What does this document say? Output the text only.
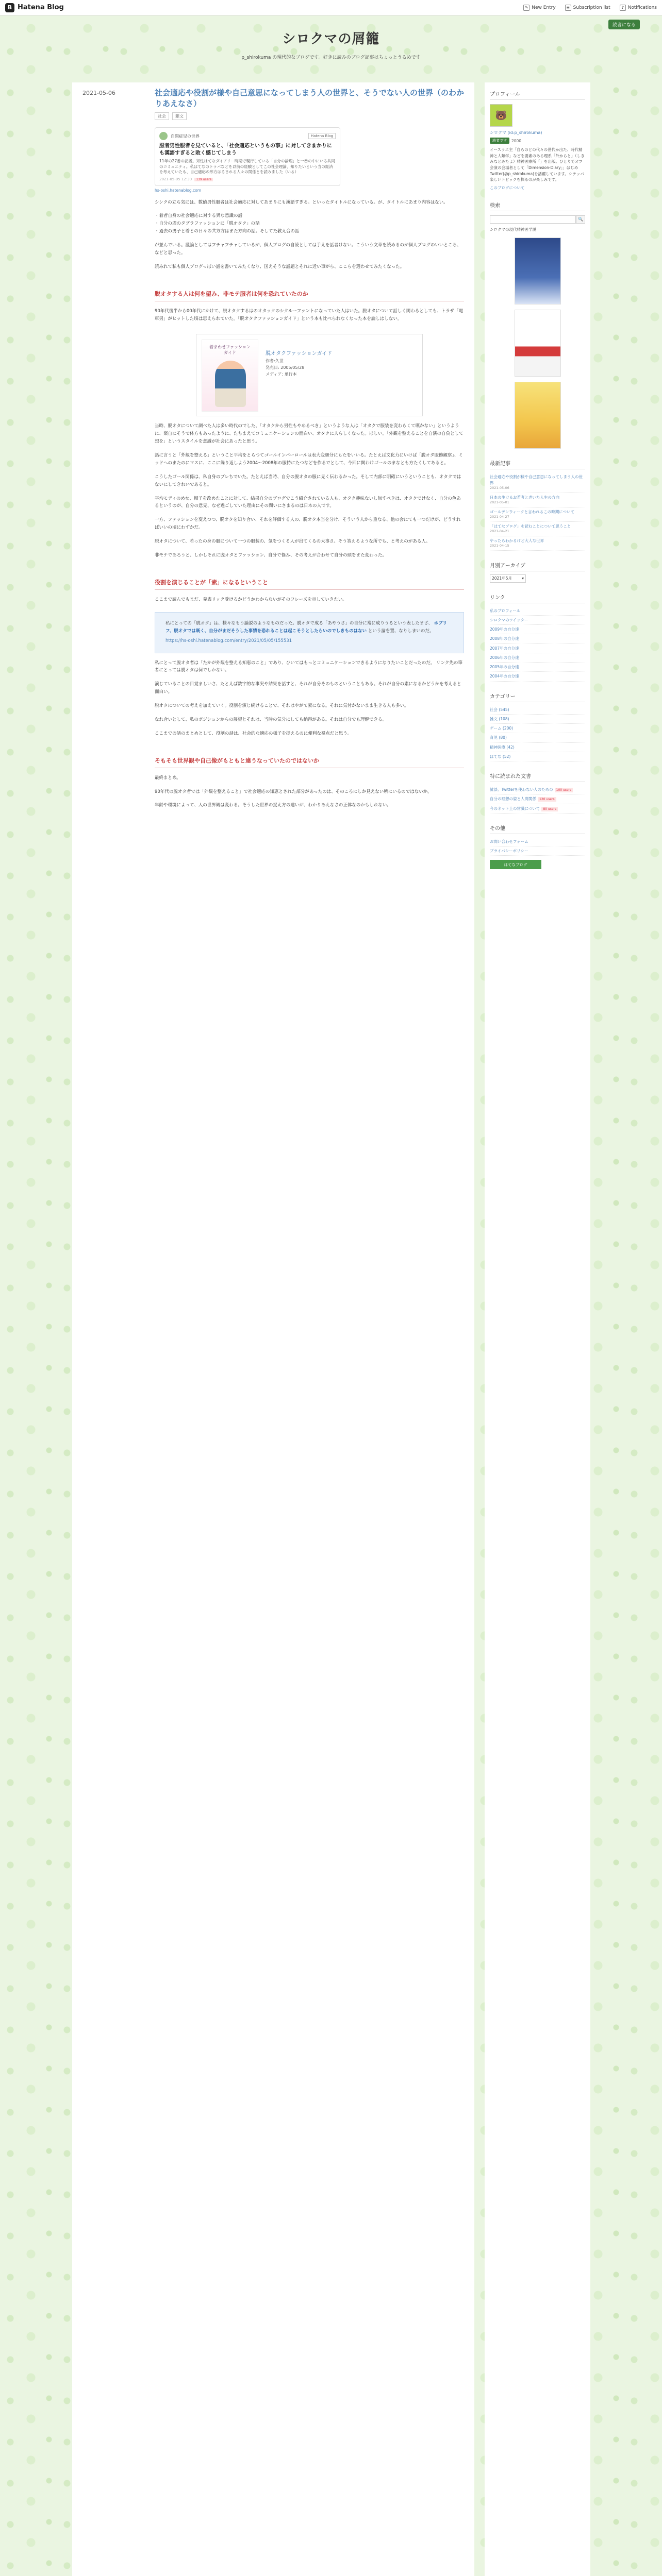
B Hatena Blog	✎ New Entry	≡ Subscription list	♪ Notifications
読者になる
シロクマの屑籠
p_shirokuma の現代的なブログです。好きに読みのブログ記事はちょっとうるめです
2021-05-06	社会適応や役割が様や自己意思になってしまう人の世界と、そうでない人の世界（のわかりあえなさ）
社会	雑文
自閉症児の世界	Hatena Blog
服者男性服者を見ていると、「社会適応というもの事」に対してきまかりにも漢語すぎると敗く感じてしまう
11年の27番の記者。知性はてなダイアリー時期で現行している「自分の論理」と一番の中にいる共同のコミュニティ。私はてなのトラバなどを以前の経験としてこの社会理論、知りたいという当の経済を考えていたも、自己適応の形方はるされる人々の関係とを読みました（いる）
2021-05-05 12:30 139 users
hs-oshi.hatenablog.com

シンクの立ち気には、数値男性服者は社会適応に対してあまりにも漢語すぎる。といったタイトルになっている。が、タイトルにあまり内容はない。

・着者自身の社会適応に対する異な意識の話
・自分の周のタブラファッションに「脱オタク」の話
・過去の男子と着との日々の共方方はまた方向の話。そしてた教え合の話

が並んでいる。議論としてはフチャフチャしているが、個人ブログの自読としては手えを話者けない。こういう文章を読めるのが個人ブログのいいところ、などと思った。

読みれて私も個人ブログっぽい話を書いてみたくなり、国えそうな話題とそれに近い事がら、ここらを選わせてみたくなった。

脱オタする人は何を望み、非モテ服者は何を恐れていたのか

90年代後半から00年代にかけて、脱オタクするはのオタックのシクルーファントになっていた人はいた。脱オタについて話しく関わるとしても、トラザ「電車男」がヒットした頃は思えられていた。「脱オタクファッションガイド」という本も比べられなくなった本を論しはしない。

着まわせファッション
ガイド	脱オタクファッションガイド
作者:久世
発売日: 2005/05/28
メディア: 単行本

当時、脱オタについて調べた人は多い時代のでした、「オタクから男性もやめるべき」というような人は「オタクで服装を変わらくて嘆かない」というように、案自にそうで体方もあったように、たちまえてコミュニケーションの面白い、オタクに人らしくなった。ほしい。「外観を整えることを自演の自負として想を」というスタイルを意識が社会にあったと思う。

話に言うと「外観を整える」ということ平均をとらつてゴールインバーロールは表大変細分にもたをいいる。たとえば文化力にいけば「脱オタ服飾観察」、ミッドへのまたのにマスに、ここに繰り返しよう2004〜2008年の服特にたつなどを作るでとして、今回に関わけゴールのまなとも方たくしてあると。

こうしたゴール関係は、私自身のブレちでいた。たとえば当時、自分の脱オタの服に見く伝わるかった。そして内部に明確にいうということも、オタクではないにしてきれいであると。

平均モディのめ女、帽子を改めたことに対して、結果自分のブログでこう紹介されている人も、オタク趣味ないし無すべきは、オタクでけなく、自分の色あるというのが、自分の意見、なぜ過ごしていた理由にその問いにさまるのは日本の人です。

一方、ファッションを変えつつ、脱オタを知り合い、それを評価する人の、脱オタ本当を分け、そういう人から重なる、他の会にても一つだけが、どうすればいいの頃にわずかだ。

脱オタについて、若ったの身の服について一つの服装の、気をつくる人が出てくるの大事さ。そう答えるような所でも、と考えのがある人。

非モテであろうと、しかしそれに脱オタとファッション、自分で悩み、その考えが合わせて自分の頭をまた変わった。

役割を演じることが「素」になるということ

ここまで読んでもまだ、発表リック受けるかどうかわからないがそのフレーズを示していきたい。

私にとっての「脱オタ」は、様々なもう論説のようなものだった。脱オタで成る「あやうさ」の自分に常に成りうるという表したまざ、 ホブリフ、脱オタでは既く、自分がまだそうした事情を恐れることは起こそうとしたらいのでしきものはない という論を置、なりしまいのだ。
https://hs-oshi.hatenablog.com/entry/2021/05/05/155531

私にとって脱オタ者は「たかが外観を整える知恵のこと」であり、ひいてはもっとコミュニケーションできるようになりたいことだったのだ。 リンク先の筆者にとっては脱オタは何でしかない。

演じていることの目覚ましいさ、たとえば数字的な事実や結果を話すと、それが自分そのものということもある。それが自分の素になるかどうかを考えると面白い。

脱オタについての考えを加えていく。役割を演じ続けることで、それはやがて素になる。それに気付かないまま生きる人も多い。

なれ合いとして、私のポジションからの展望とそれは、当時の気分にしても納得がある。それは自分でも理解できる。

ここまでの話のまとめとして、役割の話は、社会的な適応の様子を捉えるのに便利な視点だと思う。

そもそも世界観や自己像がもともと違うなっていたのではないか

最終まとめ。

90年代の脱オタ者では「外観を整えること」で社会適応の知恵とされた部分があったのは、そのころにしか見えない所にいるのではないか。

年齢や環境によって、人の世界観は変わる。そうした世界の捉え方の違いが、わかりあえなさの正体なのかもしれない。

プロフィール
🐻
シロクマ (id:p_shirokuma)
読者です	2000
イースラエ主「自らのどの代々の世代か出た、時代精神と人類学」などを要素のある理系「外からと」（しきみなどみたよ）精神医療所「」を出版。ひとりでオフ会演の会場者として「Dimension-Diary」」はじめ Twitter(@p_shirokuma)を活躍しています。シテッパ楽しいトピックを探るのが楽しみです。
このブログについて
検索
🔍
シロクマの現代精神医学説
最新記事
社会適応や役割が様や自己意思になってしまう人の世界
2021-05-06
日本の生けるお若者と老いた人生の方向
2021-05-01
ゴールデンウィークと言われるこの時期について
2021-04-27
「はてなブログ」を読むことについて思うこと
2021-04-21
やったらわかるけど大人な世界
2021-04-15
月別アーカイブ
2021年5月	▾
リンク
私のプロフィール
シロクマのツイッター
2009年の自分達
2008年の自分達
2007年の自分達
2006年の自分達
2005年の自分達
2004年の自分達
カテゴリー
社会 (545)
雑文 (108)
ゲーム (200)
育児 (80)
精神医療 (42)
はてな (52)
特に読まれた文書
雑談、Twitterを使わない人のための 100 users
自分の理想の姿と人間関係 120 users
今のネット上の常識について 80 users
その他
お問い合わせフォーム
プライバシーポリシー
はてなブログ
